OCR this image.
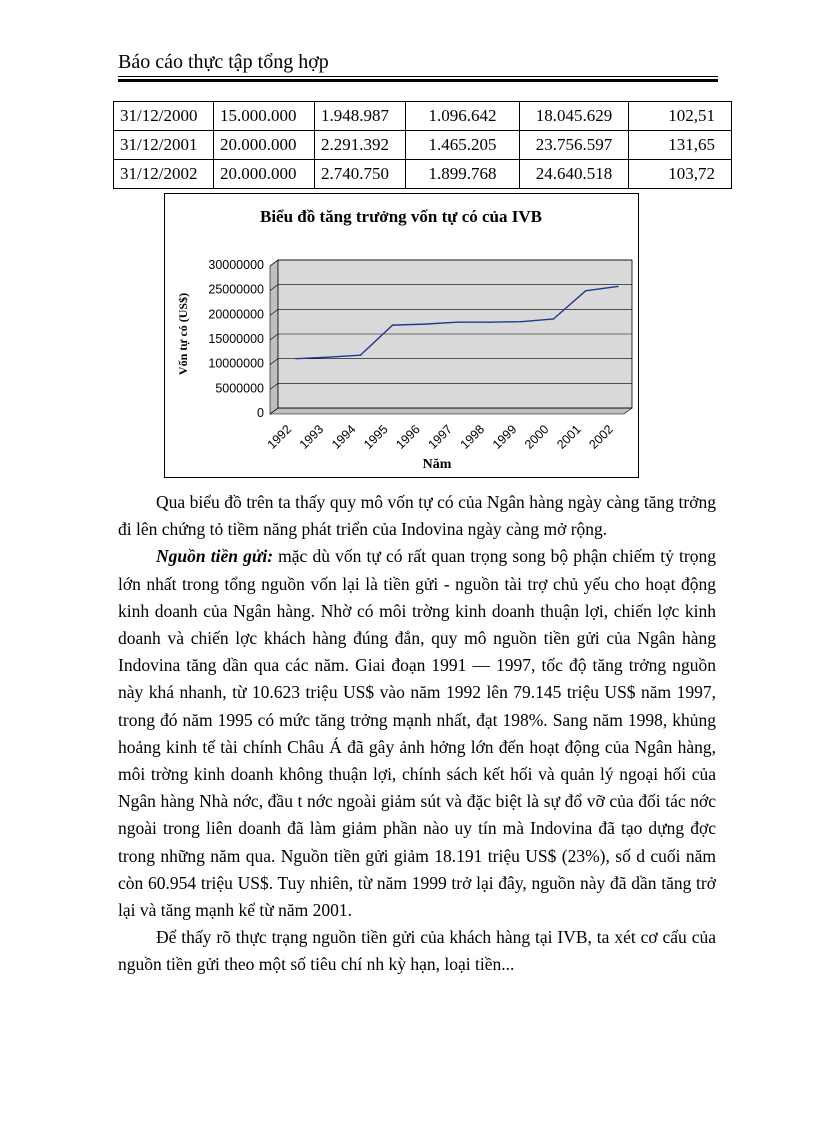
Báo cáo thực tập tổng hợp
31/12/2000	15.000.000	1.948.987	1.096.642	18.045.629	102,51
31/12/2001	20.000.000	2.291.392	1.465.205	23.756.597	131,65
31/12/2002	20.000.000	2.740.750	1.899.768	24.640.518	103,72
Biểu đồ tăng trưởng vốn tự có của IVB
30000000
25000000
20000000
15000000
10000000
5000000
0
1992 1993 1994 1995 1996 1997 1998 1999 2000 2001 2002
Năm
Vốn tự có (US$)

Qua biểu đồ trên ta thấy quy mô vốn tự có của Ngân hàng ngày càng tăng trởng đi lên chứng tỏ tiềm năng phát triển của Indovina ngày càng mở rộng.

Nguồn tiền gửi: mặc dù vốn tự có rất quan trọng song bộ phận chiếm tỷ trọng lớn nhất trong tổng nguồn vốn lại là tiền gửi - nguồn tài trợ chủ yếu cho hoạt động kinh doanh của Ngân hàng. Nhờ có môi trờng kinh doanh thuận lợi, chiến lợc kinh doanh và chiến lợc khách hàng đúng đắn, quy mô nguồn tiền gửi của Ngân hàng Indovina tăng dần qua các năm. Giai đoạn 1991 — 1997, tốc độ tăng trởng nguồn này khá nhanh, từ 10.623 triệu US$ vào năm 1992 lên 79.145 triệu US$ năm 1997, trong đó năm 1995 có mức tăng trởng mạnh nhất, đạt 198%. Sang năm 1998, khủng hoảng kinh tế tài chính Châu Á đã gây ảnh hởng lớn đến hoạt động của Ngân hàng, môi trờng kinh doanh không thuận lợi, chính sách kết hối và quản lý ngoại hối của Ngân hàng Nhà nớc, đầu t nớc ngoài giảm sút và đặc biệt là sự đổ vỡ của đối tác nớc ngoài trong liên doanh đã làm giảm phần nào uy tín mà Indovina đã tạo dựng đợc trong những năm qua. Nguồn tiền gửi giảm 18.191 triệu US$ (23%), số d cuối năm còn 60.954 triệu US$. Tuy nhiên, từ năm 1999 trở lại đây, nguồn này đã dần tăng trở lại và tăng mạnh kể từ năm 2001.

Để thấy rõ thực trạng nguồn tiền gửi của khách hàng tại IVB, ta xét cơ cấu của nguồn tiền gửi theo một số tiêu chí nh kỳ hạn, loại tiền...
